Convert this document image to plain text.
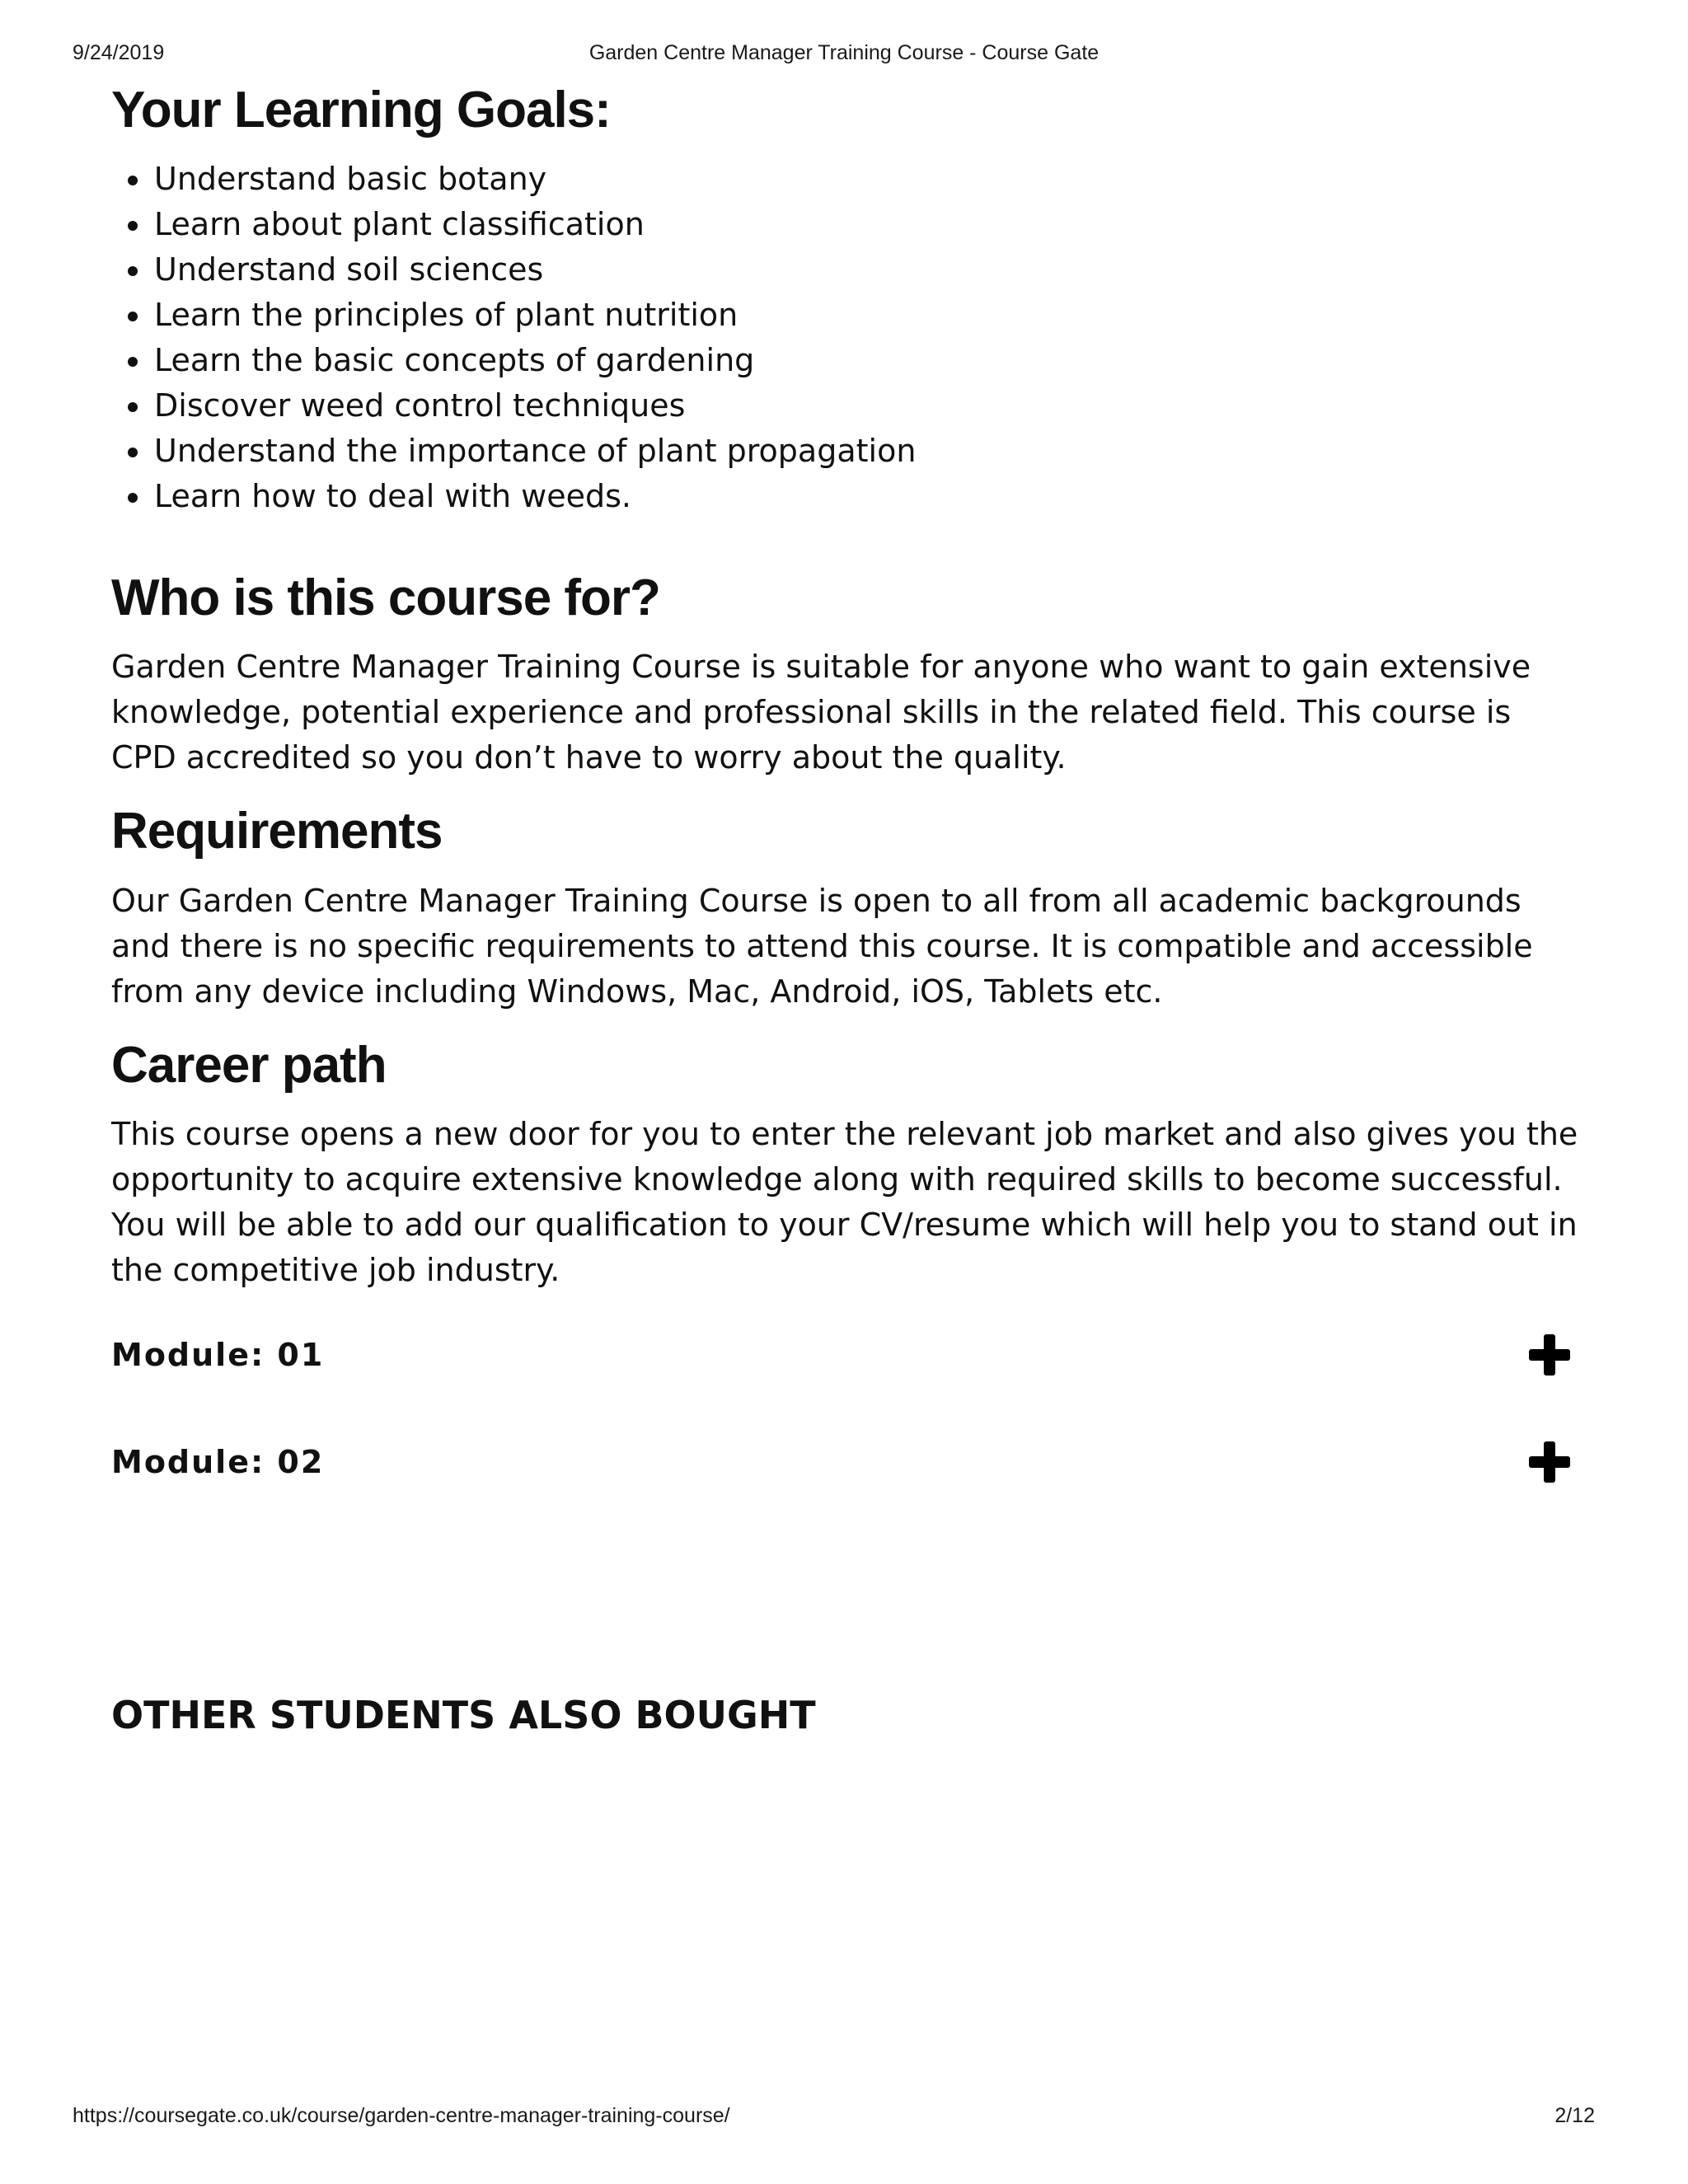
9/24/2019	Garden Centre Manager Training Course - Course Gate
Your Learning Goals:
• Understand basic botany
• Learn about plant classification
• Understand soil sciences
• Learn the principles of plant nutrition
• Learn the basic concepts of gardening
• Discover weed control techniques
• Understand the importance of plant propagation
• Learn how to deal with weeds.
Who is this course for?

Garden Centre Manager Training Course is suitable for anyone who want to gain extensive knowledge, potential experience and professional skills in the related field. This course is CPD accredited so you don’t have to worry about the quality.

Requirements

Our Garden Centre Manager Training Course is open to all from all academic backgrounds and there is no specific requirements to attend this course. It is compatible and accessible from any device including Windows, Mac, Android, iOS, Tablets etc.

Career path

This course opens a new door for you to enter the relevant job market and also gives you the opportunity to acquire extensive knowledge along with required skills to become successful. You will be able to add our qualification to your CV/resume which will help you to stand out in the competitive job industry.

Module: 01
Module: 02
OTHER STUDENTS ALSO BOUGHT
https://coursegate.co.uk/course/garden-centre-manager-training-course/	2/12
